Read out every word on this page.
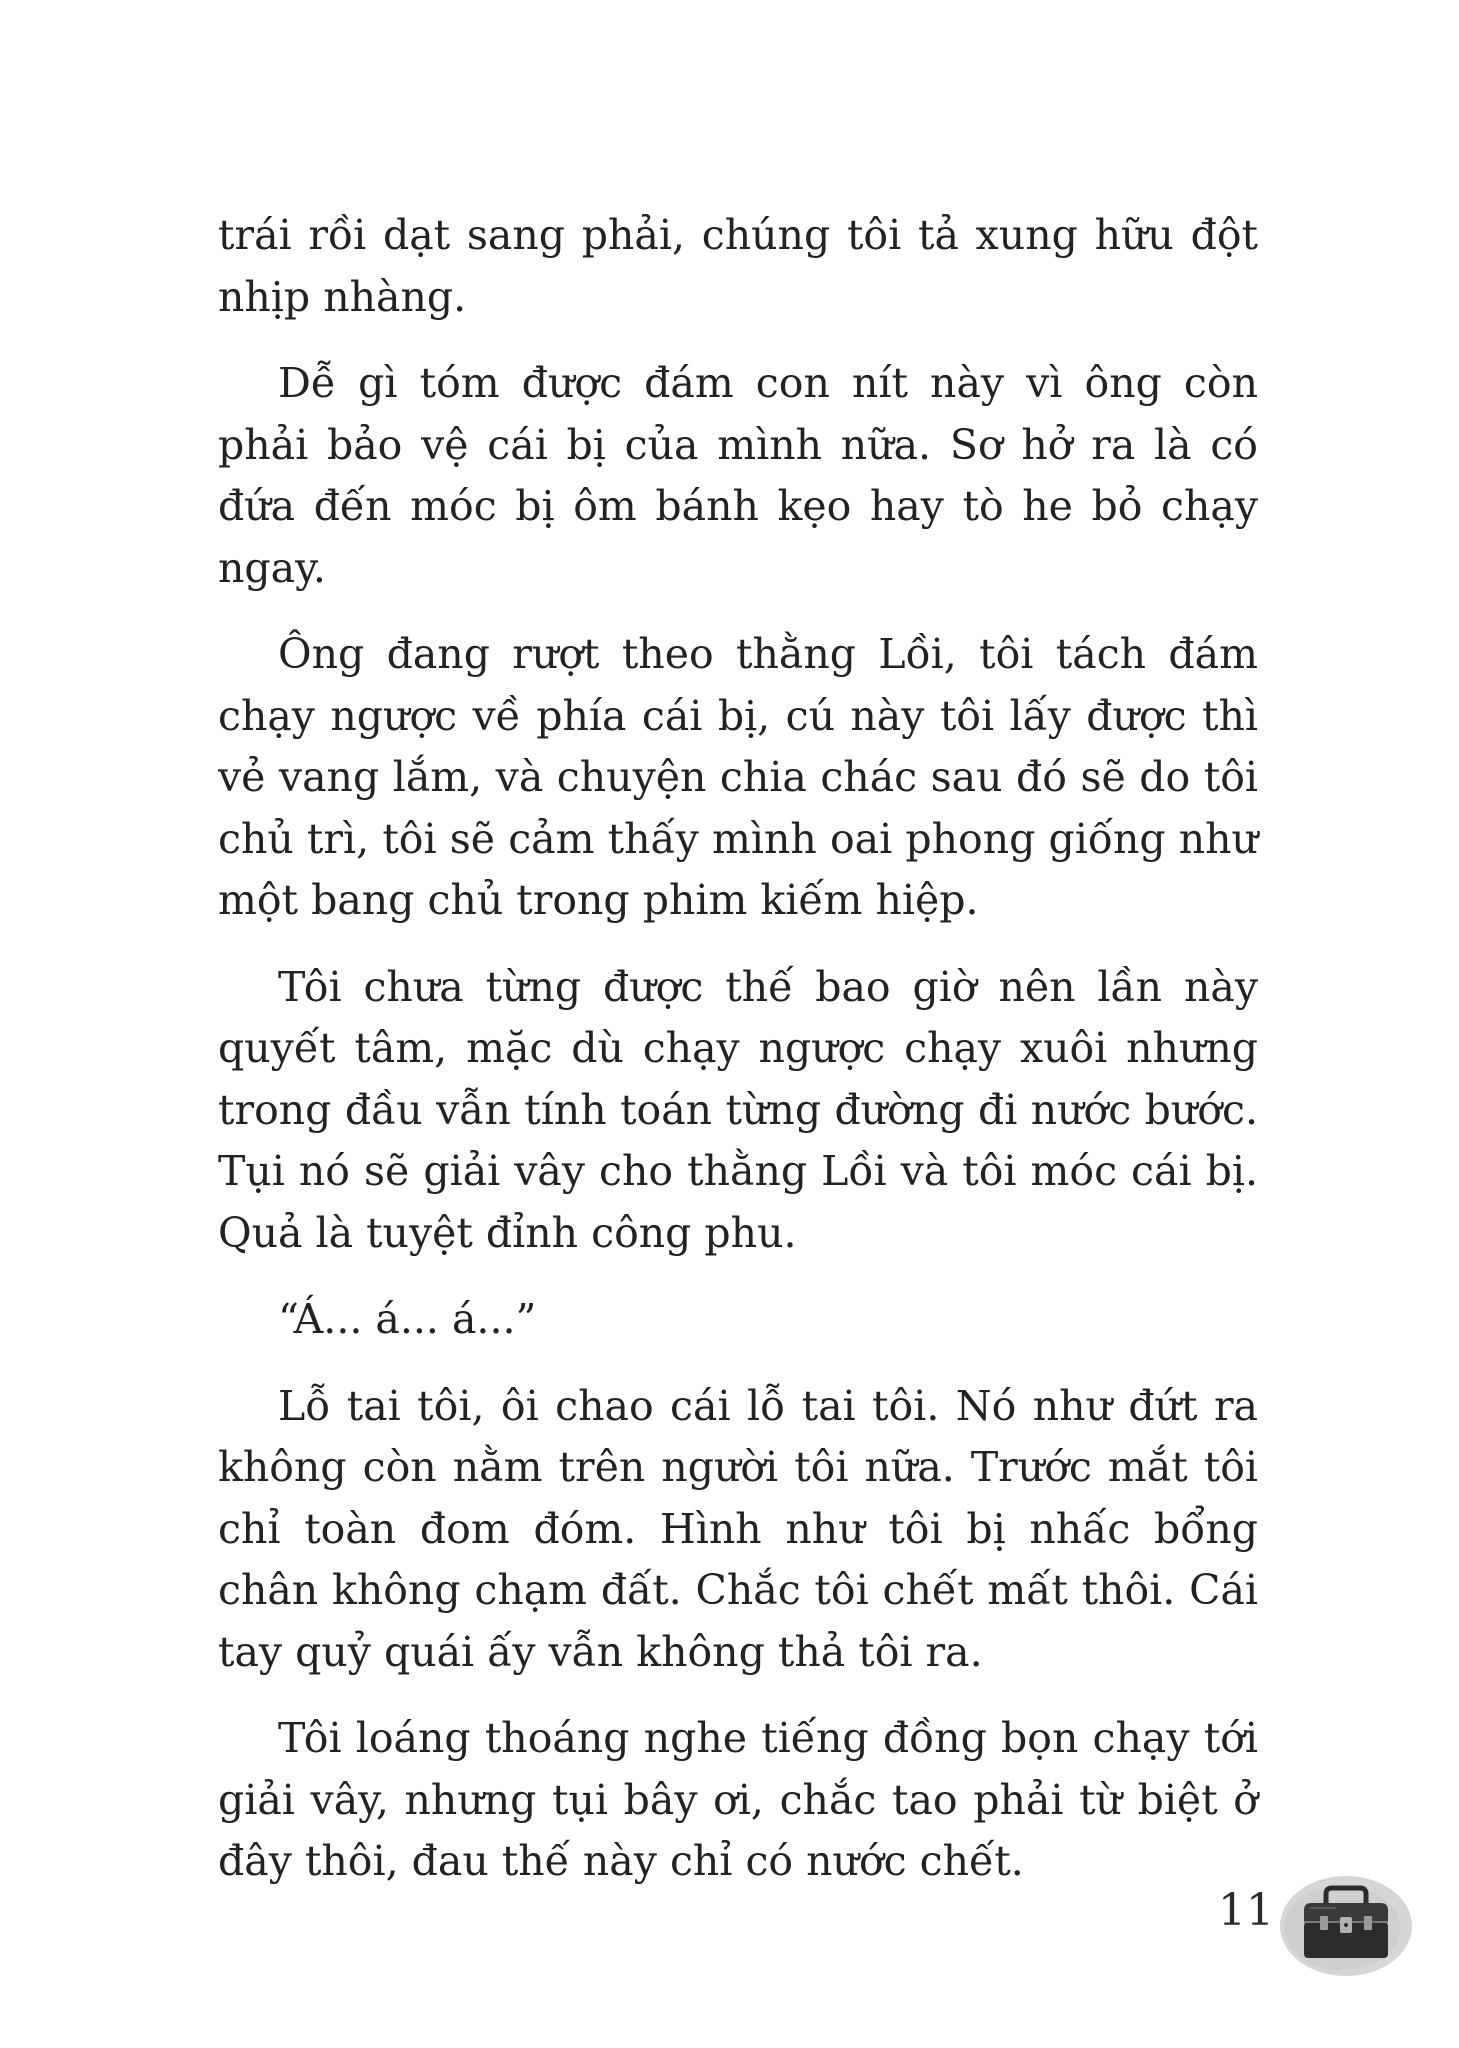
trái rồi dạt sang phải, chúng tôi tả xung hữu đột nhịp nhàng.

Dễ gì tóm được đám con nít này vì ông còn phải bảo vệ cái bị của mình nữa. Sơ hở ra là có đứa đến móc bị ôm bánh kẹo hay tò he bỏ chạy ngay.

Ông đang rượt theo thằng Lồi, tôi tách đám chạy ngược về phía cái bị, cú này tôi lấy được thì vẻ vang lắm, và chuyện chia chác sau đó sẽ do tôi chủ trì, tôi sẽ cảm thấy mình oai phong giống như một bang chủ trong phim kiếm hiệp.

Tôi chưa từng được thế bao giờ nên lần này quyết tâm, mặc dù chạy ngược chạy xuôi nhưng trong đầu vẫn tính toán từng đường đi nước bước. Tụi nó sẽ giải vây cho thằng Lồi và tôi móc cái bị. Quả là tuyệt đỉnh công phu.

“Á... á... á...”

Lỗ tai tôi, ôi chao cái lỗ tai tôi. Nó như đứt ra không còn nằm trên người tôi nữa. Trước mắt tôi chỉ toàn đom đóm. Hình như tôi bị nhấc bổng chân không chạm đất. Chắc tôi chết mất thôi. Cái tay quỷ quái ấy vẫn không thả tôi ra.

Tôi loáng thoáng nghe tiếng đồng bọn chạy tới giải vây, nhưng tụi bây ơi, chắc tao phải từ biệt ở đây thôi, đau thế này chỉ có nước chết.

11
